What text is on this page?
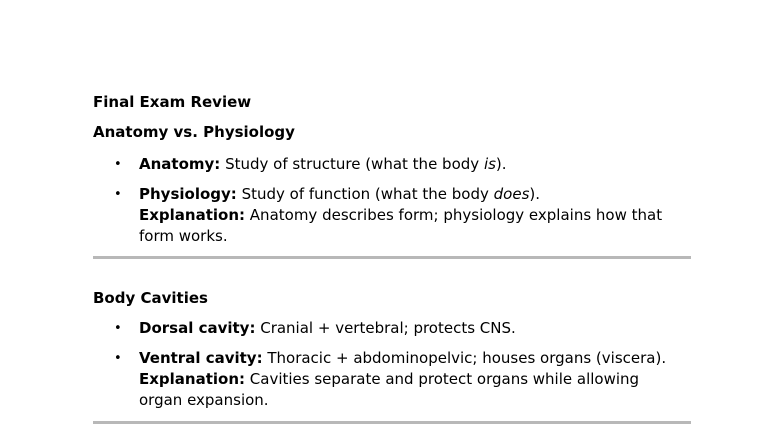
Final Exam Review

Anatomy vs. Physiology

• Anatomy: Study of structure (what the body is).
• Physiology: Study of function (what the body does).
Explanation: Anatomy describes form; physiology explains how that
form works.

Body Cavities

• Dorsal cavity: Cranial + vertebral; protects CNS.
• Ventral cavity: Thoracic + abdominopelvic; houses organs (viscera).
Explanation: Cavities separate and protect organs while allowing
organ expansion.
